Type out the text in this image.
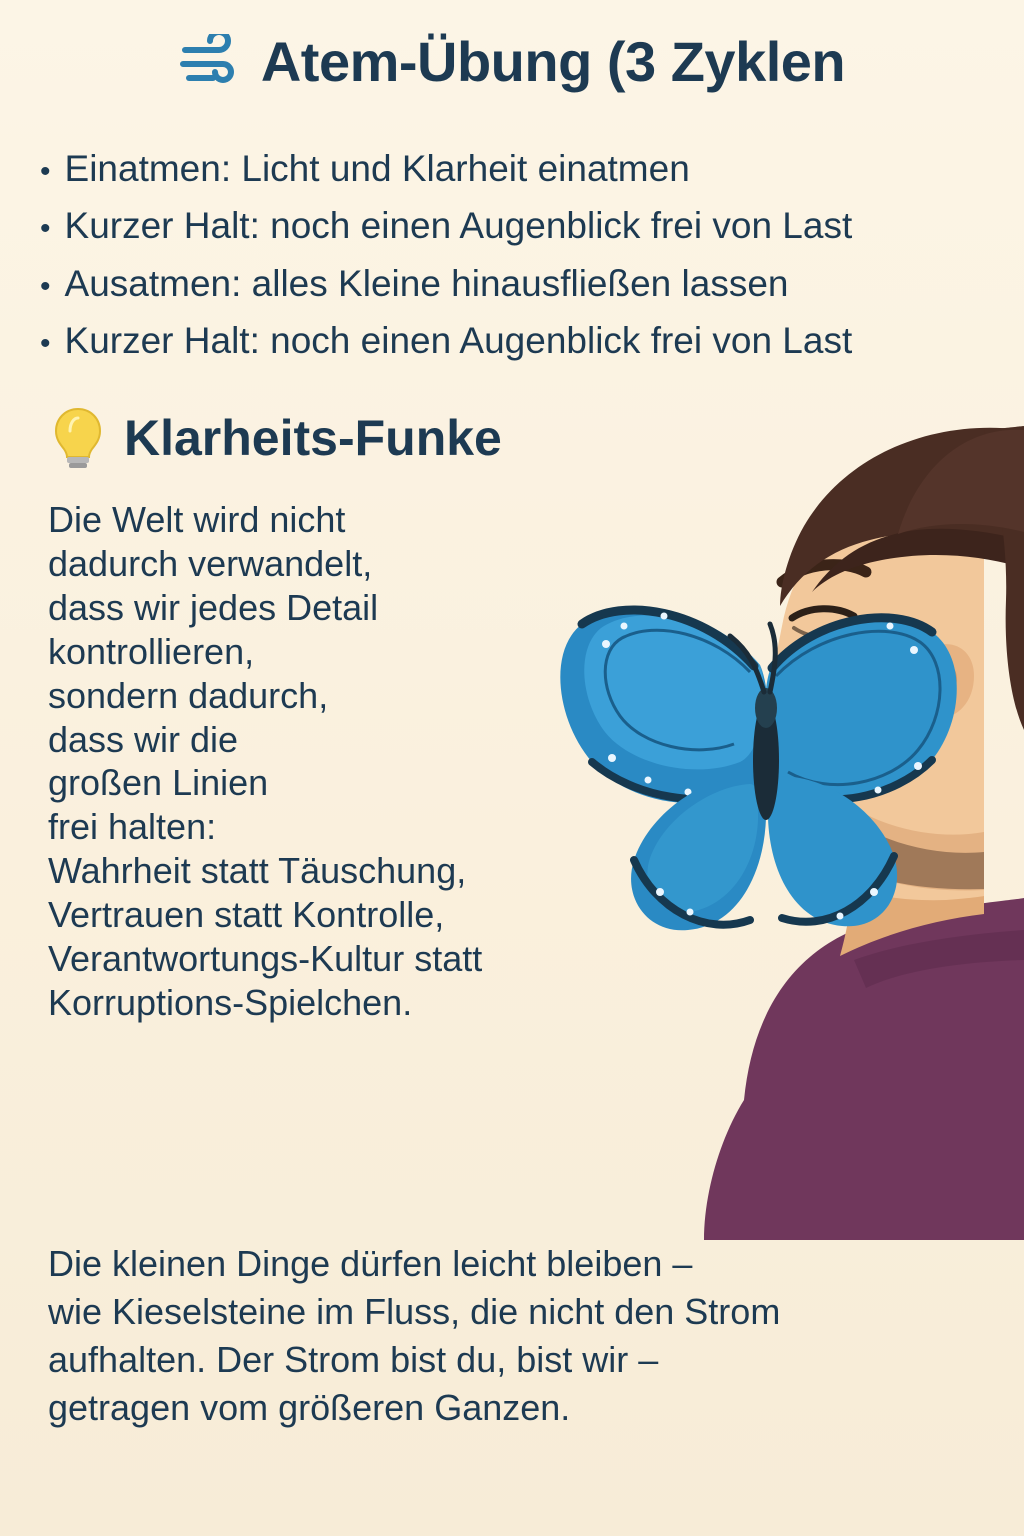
Atem-Übung (3 Zyklen
• Einatmen: Licht und Klarheit einatmen
• Kurzer Halt: noch einen Augenblick frei von Last
• Ausatmen: alles Kleine hinausfließen lassen
• Kurzer Halt: noch einen Augenblick frei von Last
Klarheits-Funke
Die Welt wird nicht
dadurch verwandelt,
dass wir jedes Detail
kontrollieren,
sondern dadurch,
dass wir die
großen Linien
frei halten:
Wahrheit statt Täuschung,
Vertrauen statt Kontrolle,
Verantwortungs-Kultur statt
Korruptions-Spielchen.
Die kleinen Dinge dürfen leicht bleiben –
wie Kieselsteine im Fluss, die nicht den Strom
aufhalten. Der Strom bist du, bist wir –
getragen vom größeren Ganzen.
